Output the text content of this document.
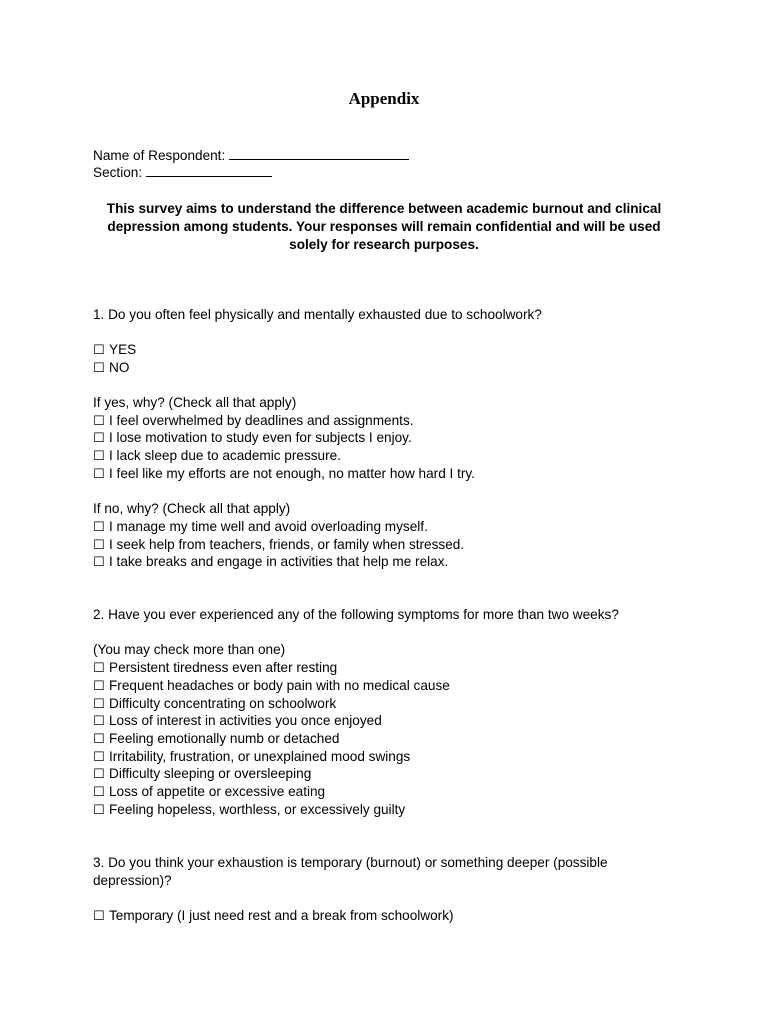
Appendix
Name of Respondent:
Section:
This survey aims to understand the difference between academic burnout and clinical depression among students. Your responses will remain confidential and will be used solely for research purposes.
1. Do you often feel physically and mentally exhausted due to schoolwork?
☐ YES
☐ NO
If yes, why? (Check all that apply)
☐ I feel overwhelmed by deadlines and assignments.
☐ I lose motivation to study even for subjects I enjoy.
☐ I lack sleep due to academic pressure.
☐ I feel like my efforts are not enough, no matter how hard I try.
If no, why? (Check all that apply)
☐ I manage my time well and avoid overloading myself.
☐ I seek help from teachers, friends, or family when stressed.
☐ I take breaks and engage in activities that help me relax.
2. Have you ever experienced any of the following symptoms for more than two weeks?
(You may check more than one)
☐ Persistent tiredness even after resting
☐ Frequent headaches or body pain with no medical cause
☐ Difficulty concentrating on schoolwork
☐ Loss of interest in activities you once enjoyed
☐ Feeling emotionally numb or detached
☐ Irritability, frustration, or unexplained mood swings
☐ Difficulty sleeping or oversleeping
☐ Loss of appetite or excessive eating
☐ Feeling hopeless, worthless, or excessively guilty
3. Do you think your exhaustion is temporary (burnout) or something deeper (possible depression)?
☐ Temporary (I just need rest and a break from schoolwork)
